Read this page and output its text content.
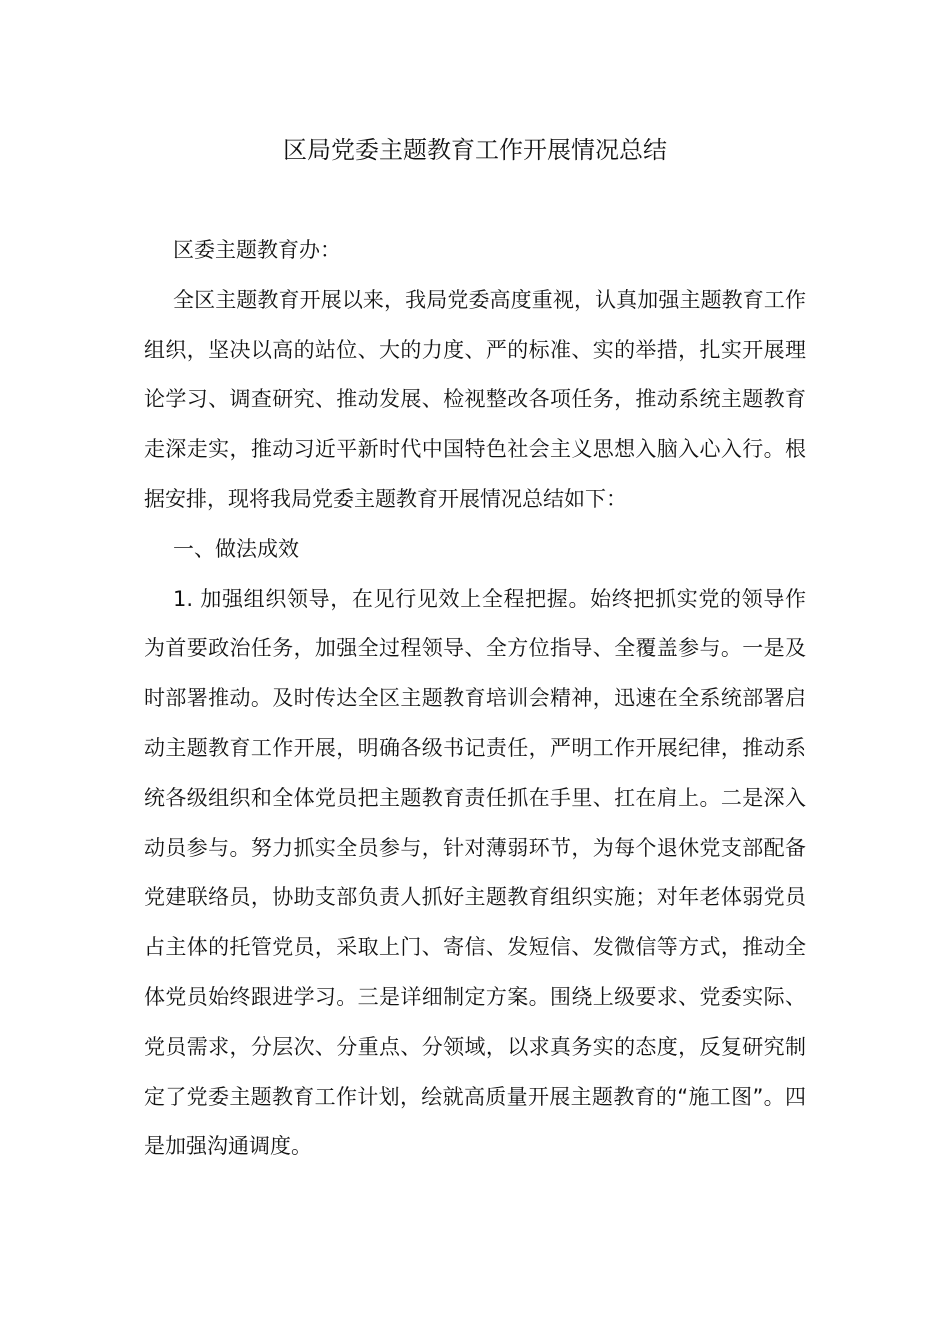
区局党委主题教育工作开展情况总结

区委主题教育办：

全区主题教育开展以来，我局党委高度重视，认真加强主题教育工作组织，坚决以高的站位、大的力度、严的标准、实的举措，扎实开展理论学习、调查研究、推动发展、检视整改各项任务，推动系统主题教育走深走实，推动习近平新时代中国特色社会主义思想入脑入心入行。根据安排，现将我局党委主题教育开展情况总结如下：

一、做法成效

1. 加强组织领导，在见行见效上全程把握。始终把抓实党的领导作为首要政治任务，加强全过程领导、全方位指导、全覆盖参与。一是及时部署推动。及时传达全区主题教育培训会精神，迅速在全系统部署启动主题教育工作开展，明确各级书记责任，严明工作开展纪律，推动系统各级组织和全体党员把主题教育责任抓在手里、扛在肩上。二是深入动员参与。努力抓实全员参与，针对薄弱环节，为每个退休党支部配备党建联络员，协助支部负责人抓好主题教育组织实施；对年老体弱党员占主体的托管党员，采取上门、寄信、发短信、发微信等方式，推动全体党员始终跟进学习。三是详细制定方案。围绕上级要求、党委实际、党员需求，分层次、分重点、分领域，以求真务实的态度，反复研究制定了党委主题教育工作计划，绘就高质量开展主题教育的“施工图”。四是加强沟通调度。
